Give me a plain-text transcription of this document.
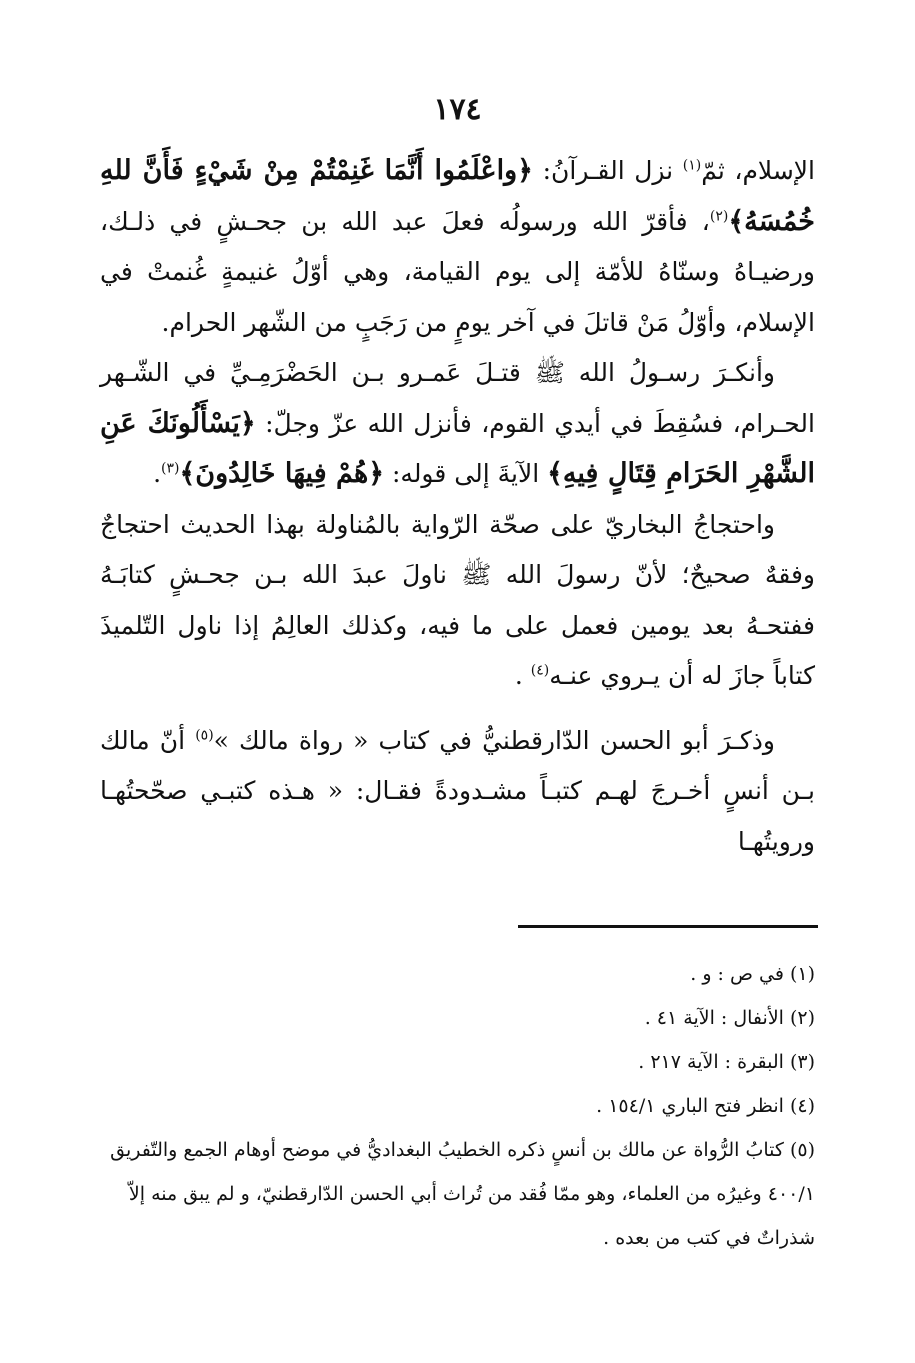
١٧٤

الإسلام، ثمّ$^{(١)}$ نزل القـرآنُ: ﴿واعْلَمُوا أَنَّمَا غَنِمْتُمْ مِنْ شَيْءٍ فَأَنَّ للهِ خُمُسَهُ﴾$^{(٢)}$، فأقرّ الله ورسولُه فعلَ عبد الله بن جحـشٍ في ذلـك، ورضيـاهُ وسنّاهُ للأمّة إلى يوم القيامة، وهي أوّلُ غنيمةٍ غُنمتْ في الإسلام، وأوّلُ مَنْ قاتلَ في آخر يومٍ من رَجَبٍ من الشّهر الحرام.

وأنكـرَ رسـولُ الله ﷺ قتـلَ عَمـرو بـن الحَضْرَمِـيِّ في الشّـهر الحـرام، فسُقِطَ في أيدي القوم، فأنزل الله عزّ وجلّ: ﴿يَسْأَلُونَكَ عَنِ الشَّهْرِ الحَرَامِ قِتَالٍ فِيهِ﴾ الآيةَ إلى قوله: ﴿هُمْ فِيهَا خَالِدُونَ﴾$^{(٣)}$.

واحتجاجُ البخاريّ على صحّة الرّواية بالمُناولة بهذا الحديث احتجاجٌ وفقهٌ صحيحٌ؛ لأنّ رسولَ الله ﷺ ناولَ عبدَ الله بـن جحـشٍ كتابَـهُ ففتحـهُ بعد يومين فعمل على ما فيه، وكذلك العالِمُ إذا ناول التّلميذَ كتاباً جازَ له أن يـروي عنـه$^{(٤)}$ .

وذكـرَ أبو الحسن الدّارقطنيُّ في كتاب « رواة مالك »$^{(٥)}$ أنّ مالك بـن أنسٍ أخـرجَ لهـم كتبـاً مشـدودةً فقـال: « هـذه كتبـي صحّحتُهـا ورويتُهـا

(١)في ص : و .

(٢)الأنفال : الآية ٤١ .

(٣)البقرة : الآية ٢١٧ .

(٤)انظر فتح الباري ١٥٤/١ .

(٥)كتابُ الرُّواة عن مالك بن أنسٍ ذكره الخطيبُ البغداديُّ في موضح أوهام الجمع والتّفريق ٤٠٠/١ وغيرُه من العلماء، وهو ممّا فُقد من تُراث أبي الحسن الدّارقطنيّ، و لم يبق منه إلاّ شذراتٌ في كتب من بعده .
